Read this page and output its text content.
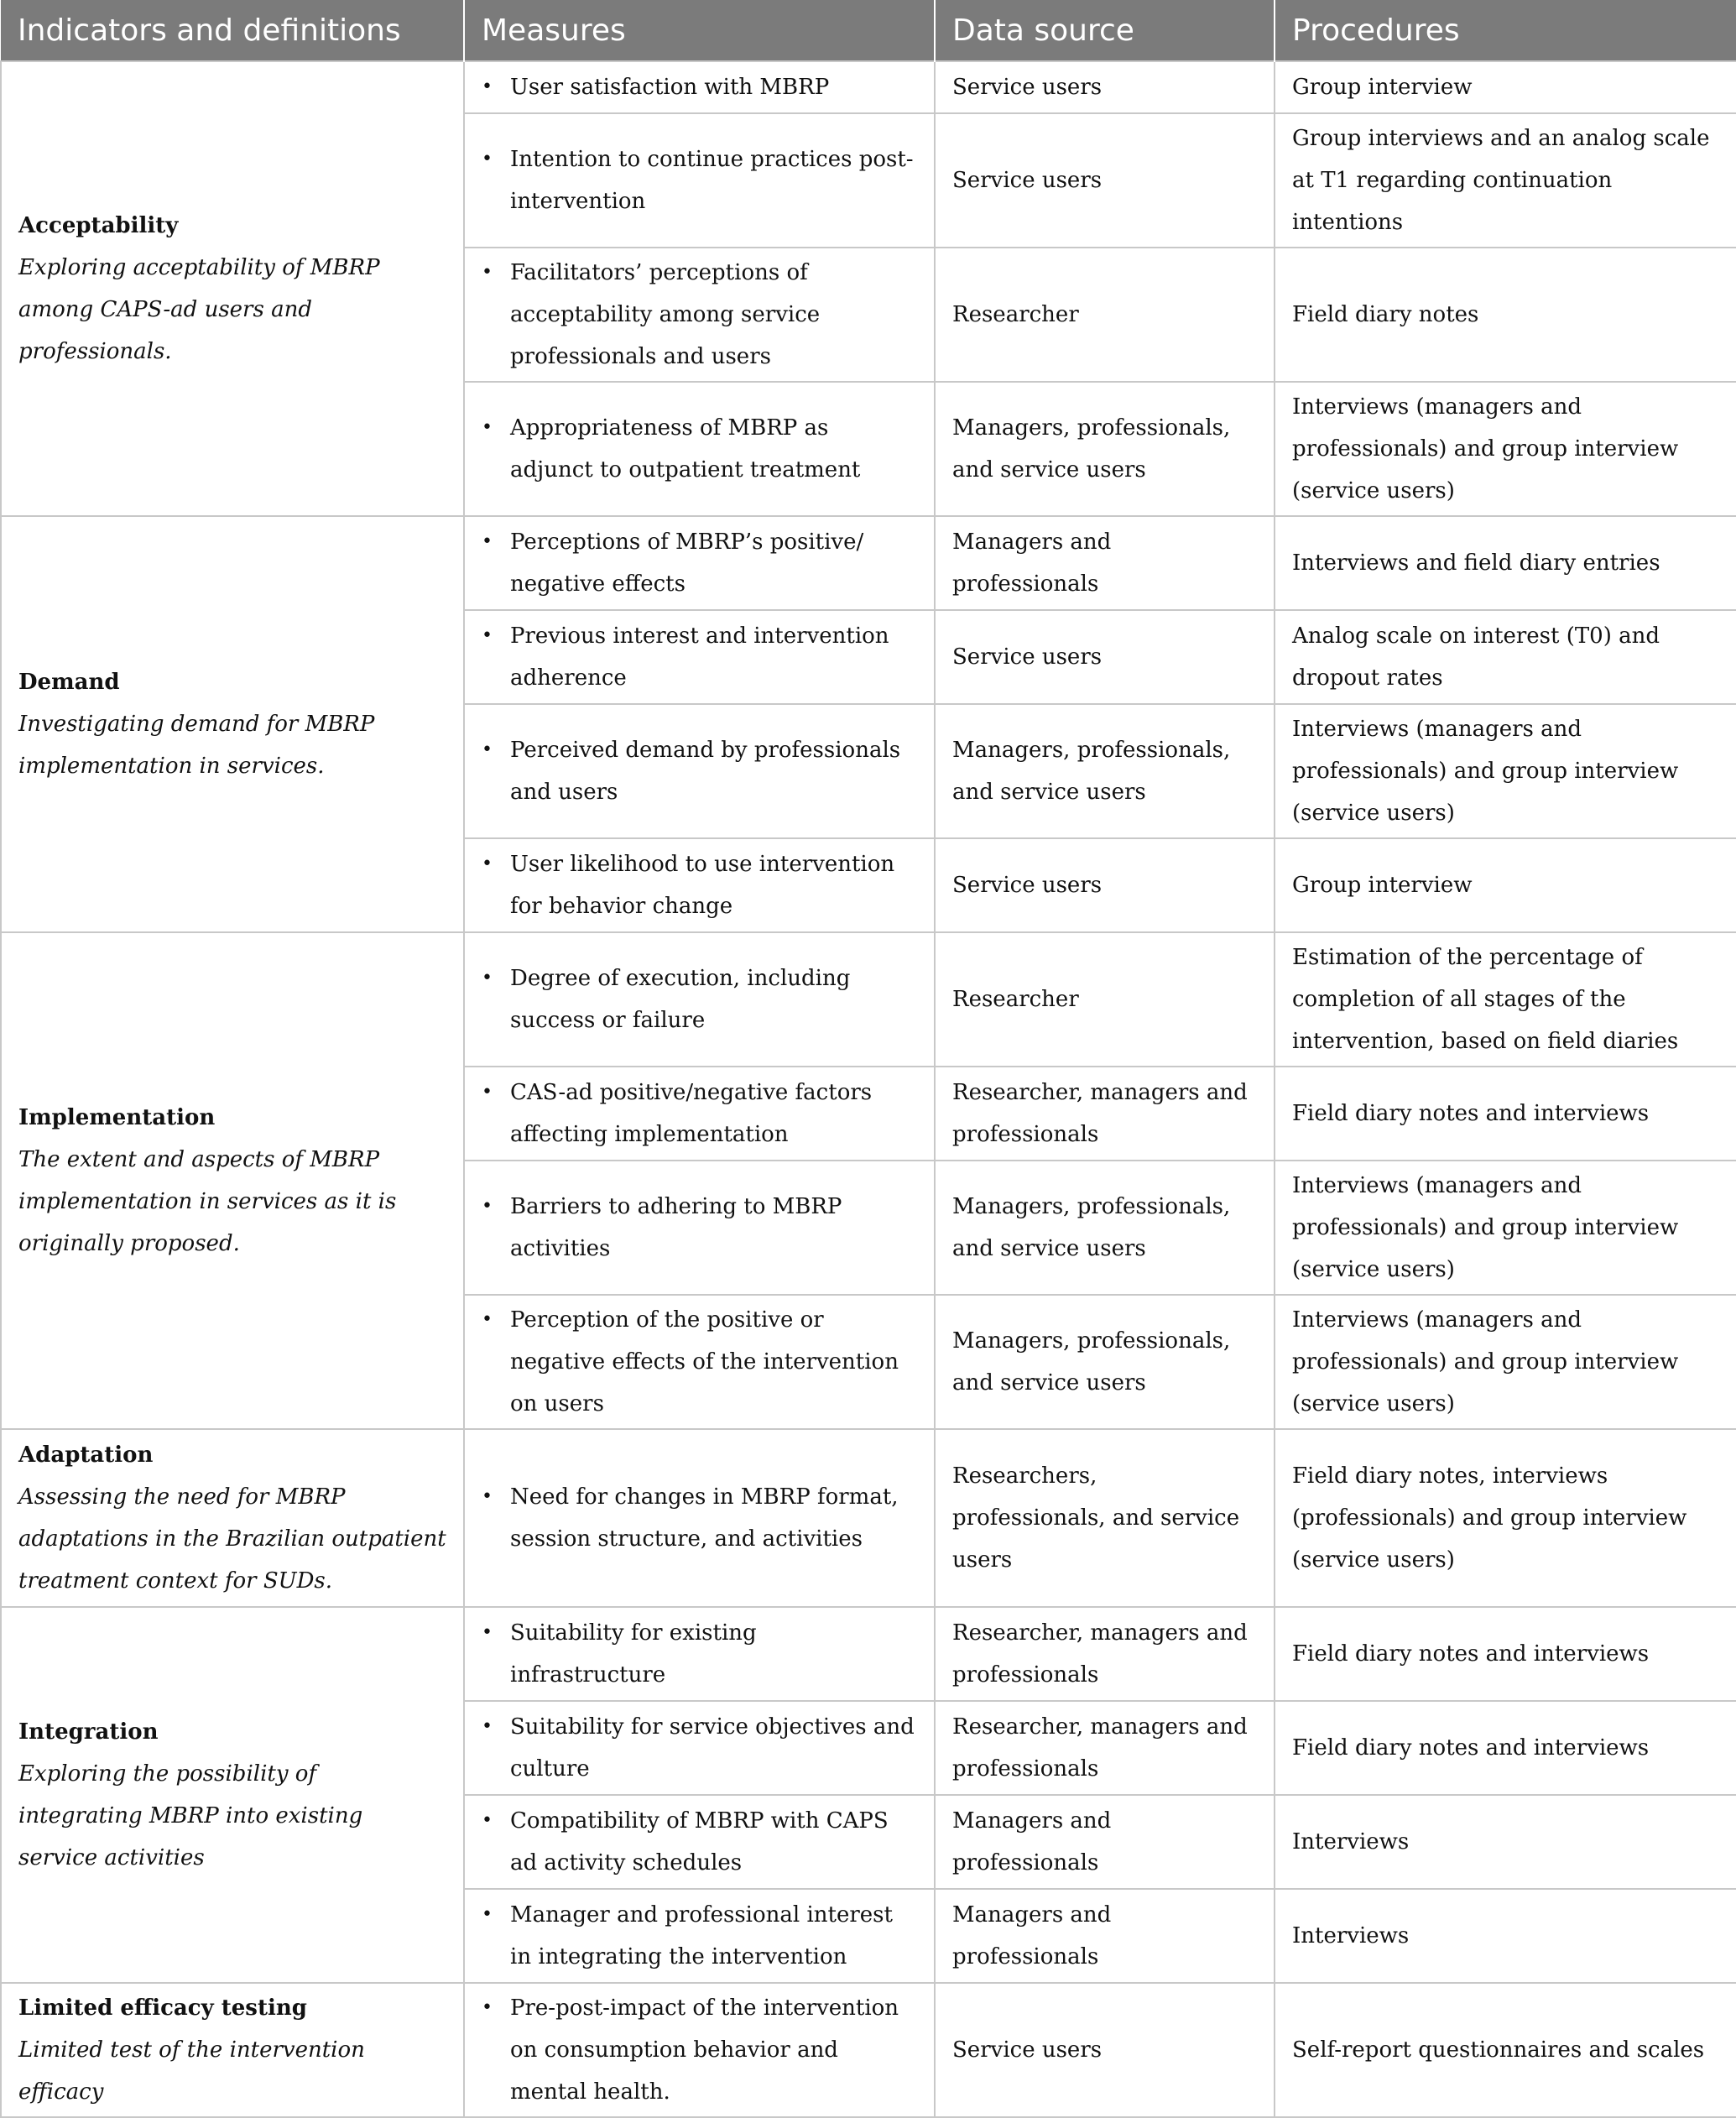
Indicators and definitions	Measures	Data source	Procedures

Acceptability
Exploring acceptability of MBRP among CAPS-ad users and professionals.	• User satisfaction with MBRP	Service users	Group interview

	• Intention to continue practices post-intervention	Service users	Group interviews and an analog scale at T1 regarding continuation intentions

	• Facilitators’ perceptions of acceptability among service professionals and users	Researcher	Field diary notes

	• Appropriateness of MBRP as adjunct to outpatient treatment	Managers, professionals, and service users	Interviews (managers and professionals) and group interview (service users)

Demand
Investigating demand for MBRP implementation in services.	• Perceptions of MBRP’s positive/ negative effects	Managers and professionals	Interviews and field diary entries

	• Previous interest and intervention adherence	Service users	Analog scale on interest (T0) and dropout rates

	• Perceived demand by professionals and users	Managers, professionals, and service users	Interviews (managers and professionals) and group interview (service users)

	• User likelihood to use intervention for behavior change	Service users	Group interview

Implementation
The extent and aspects of MBRP implementation in services as it is originally proposed.	• Degree of execution, including success or failure	Researcher	Estimation of the percentage of completion of all stages of the intervention, based on field diaries

	• CAS-ad positive/negative factors affecting implementation	Researcher, managers and professionals	Field diary notes and interviews

	• Barriers to adhering to MBRP activities	Managers, professionals, and service users	Interviews (managers and professionals) and group interview (service users)

	• Perception of the positive or negative effects of the intervention on users	Managers, professionals, and service users	Interviews (managers and professionals) and group interview (service users)

Adaptation
Assessing the need for MBRP adaptations in the Brazilian outpatient treatment context for SUDs.	• Need for changes in MBRP format, session structure, and activities	Researchers, professionals, and service users	Field diary notes, interviews (professionals) and group interview (service users)

Integration
Exploring the possibility of integrating MBRP into existing service activities	• Suitability for existing infrastructure	Researcher, managers and professionals	Field diary notes and interviews

	• Suitability for service objectives and culture	Researcher, managers and professionals	Field diary notes and interviews

	• Compatibility of MBRP with CAPS ad activity schedules	Managers and professionals	Interviews

	• Manager and professional interest in integrating the intervention	Managers and professionals	Interviews

Limited efficacy testing
Limited test of the intervention efficacy	• Pre-post-impact of the intervention on consumption behavior and mental health.	Service users	Self-report questionnaires and scales
